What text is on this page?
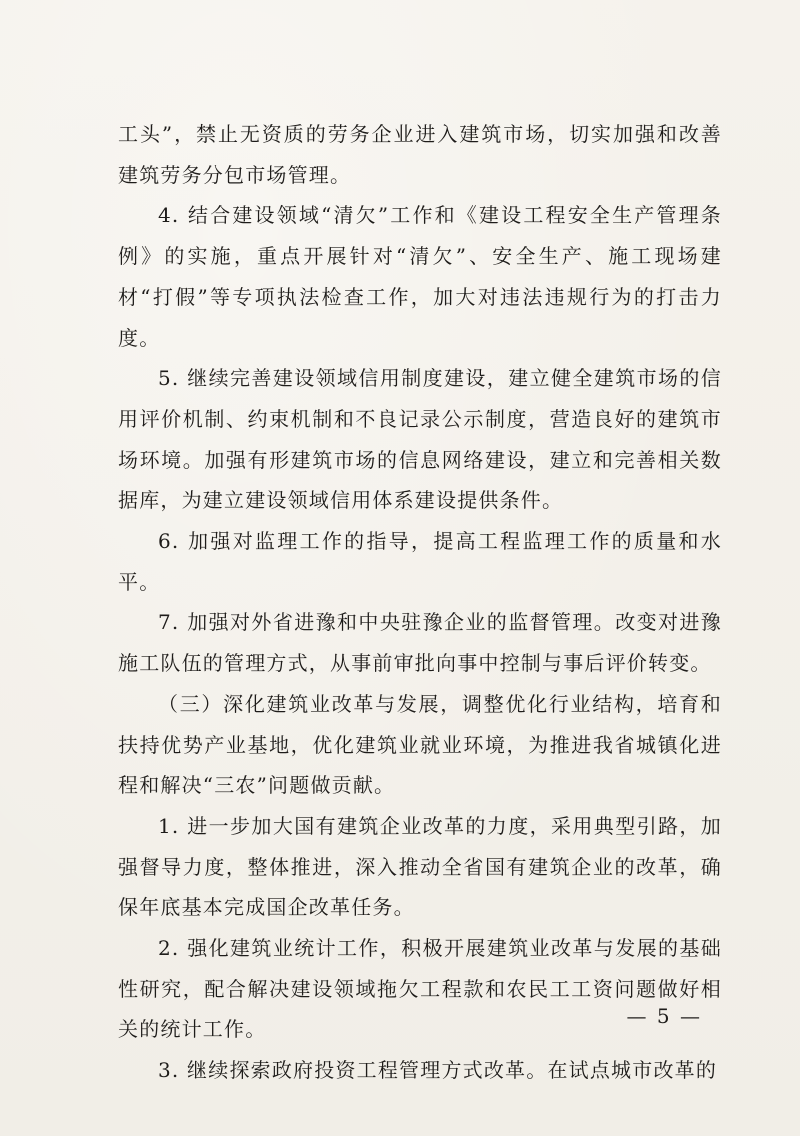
工头”，禁止无资质的劳务企业进入建筑市场，切实加强和改善建筑劳务分包市场管理。

4. 结合建设领域“清欠”工作和《建设工程安全生产管理条例》的实施，重点开展针对“清欠”、安全生产、施工现场建材“打假”等专项执法检查工作，加大对违法违规行为的打击力度。

5. 继续完善建设领域信用制度建设，建立健全建筑市场的信用评价机制、约束机制和不良记录公示制度，营造良好的建筑市场环境。加强有形建筑市场的信息网络建设，建立和完善相关数据库，为建立建设领域信用体系建设提供条件。

6. 加强对监理工作的指导，提高工程监理工作的质量和水平。

7. 加强对外省进豫和中央驻豫企业的监督管理。改变对进豫施工队伍的管理方式，从事前审批向事中控制与事后评价转变。

（三）深化建筑业改革与发展，调整优化行业结构，培育和扶持优势产业基地，优化建筑业就业环境，为推进我省城镇化进程和解决“三农”问题做贡献。

1. 进一步加大国有建筑企业改革的力度，采用典型引路，加强督导力度，整体推进，深入推动全省国有建筑企业的改革，确保年底基本完成国企改革任务。

2. 强化建筑业统计工作，积极开展建筑业改革与发展的基础性研究，配合解决建设领域拖欠工程款和农民工工资问题做好相关的统计工作。

3. 继续探索政府投资工程管理方式改革。在试点城市改革的

— 5 —
